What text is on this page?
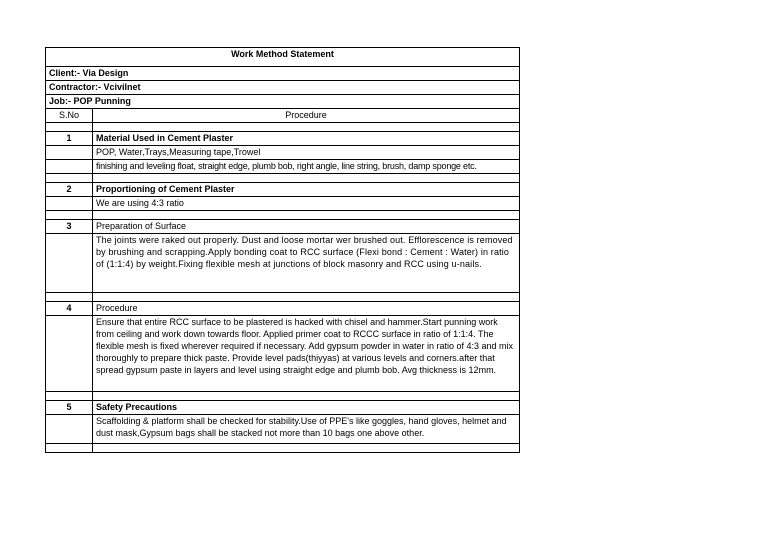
Work Method Statement	
Client:- Via Design	
Contractor:- Vcivilnet	
Job:- POP Punning	
S.No	Procedure

1	Material Used in Cement Plaster
	POP, Water,Trays,Measuring tape,Trowel
	finishing and leveling float, straight edge, plumb bob, right angle, line string, brush, damp sponge etc.

2	Proportioning of Cement Plaster
	We are using 4:3 ratio

3	Preparation of Surface
	The joints were raked out properly. Dust and loose mortar wer brushed out. Efflorescence is removed by brushing and scrapping.Apply bonding coat to RCC surface (Flexi bond : Cement : Water) in ratio of (1:1:4) by weight.Fixing flexible mesh at junctions of block masonry and RCC using u-nails.

4	Procedure
	Ensure that entire RCC surface to be plastered is hacked with chisel and hammer.Start punning work from ceiling and work down towards floor. Applied primer coat to RCCC surface in ratio of 1:1:4. The flexible mesh is fixed wherever required if necessary. Add gypsum powder in water in ratio of 4:3 and mix thoroughly to prepare thick paste. Provide level pads(thiyyas) at various levels and corners.after that spread gypsum paste in layers and level using straight edge and plumb bob. Avg thickness is 12mm.

5	Safety Precautions
	Scaffolding & platform shall be checked for stability.Use of PPE's like goggles, hand gloves, helmet and dust mask,Gypsum bags shall be stacked not more than 10 bags one above other.
